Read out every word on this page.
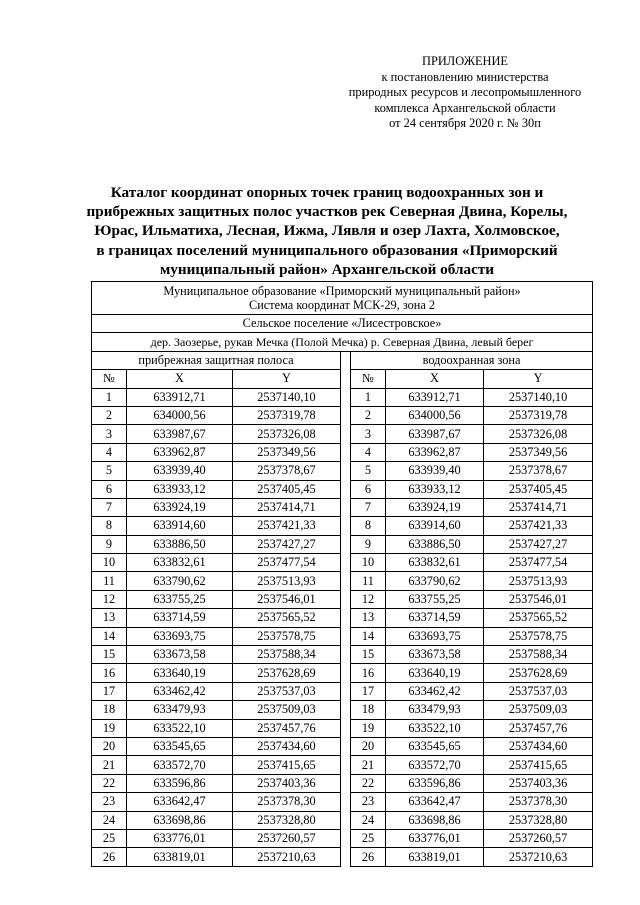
ПРИЛОЖЕНИЕ
к постановлению министерства
природных ресурсов и лесопромышленного
комплекса Архангельской области
от 24 сентября 2020 г. № 30п
Каталог координат опорных точек границ водоохранных зон и
прибрежных защитных полос участков рек Северная Двина, Корелы,
Юрас, Ильматиха, Лесная, Ижма, Лявля и озер Лахта, Холмовское,
в границах поселений муниципального образования «Приморский
муниципальный район» Архангельской области
Муниципальное образование «Приморский муниципальный район»
Система координат МСК-29, зона 2						

Сельское поселение «Лисестровское»						
дер. Заозерье, рукав Мечка (Полой Мечка) р. Северная Двина, левый берег						
прибрежная защитная полоса				водоохранная зона		
№	X	Y		№	X	Y
1	633912,71	2537140,10		1	633912,71	2537140,10
2	634000,56	2537319,78		2	634000,56	2537319,78
3	633987,67	2537326,08		3	633987,67	2537326,08
4	633962,87	2537349,56		4	633962,87	2537349,56
5	633939,40	2537378,67		5	633939,40	2537378,67
6	633933,12	2537405,45		6	633933,12	2537405,45
7	633924,19	2537414,71		7	633924,19	2537414,71
8	633914,60	2537421,33		8	633914,60	2537421,33
9	633886,50	2537427,27		9	633886,50	2537427,27
10	633832,61	2537477,54		10	633832,61	2537477,54
11	633790,62	2537513,93		11	633790,62	2537513,93
12	633755,25	2537546,01		12	633755,25	2537546,01
13	633714,59	2537565,52		13	633714,59	2537565,52
14	633693,75	2537578,75		14	633693,75	2537578,75
15	633673,58	2537588,34		15	633673,58	2537588,34
16	633640,19	2537628,69		16	633640,19	2537628,69
17	633462,42	2537537,03		17	633462,42	2537537,03
18	633479,93	2537509,03		18	633479,93	2537509,03
19	633522,10	2537457,76		19	633522,10	2537457,76
20	633545,65	2537434,60		20	633545,65	2537434,60
21	633572,70	2537415,65		21	633572,70	2537415,65
22	633596,86	2537403,36		22	633596,86	2537403,36
23	633642,47	2537378,30		23	633642,47	2537378,30
24	633698,86	2537328,80		24	633698,86	2537328,80
25	633776,01	2537260,57		25	633776,01	2537260,57
26	633819,01	2537210,63		26	633819,01	2537210,63
